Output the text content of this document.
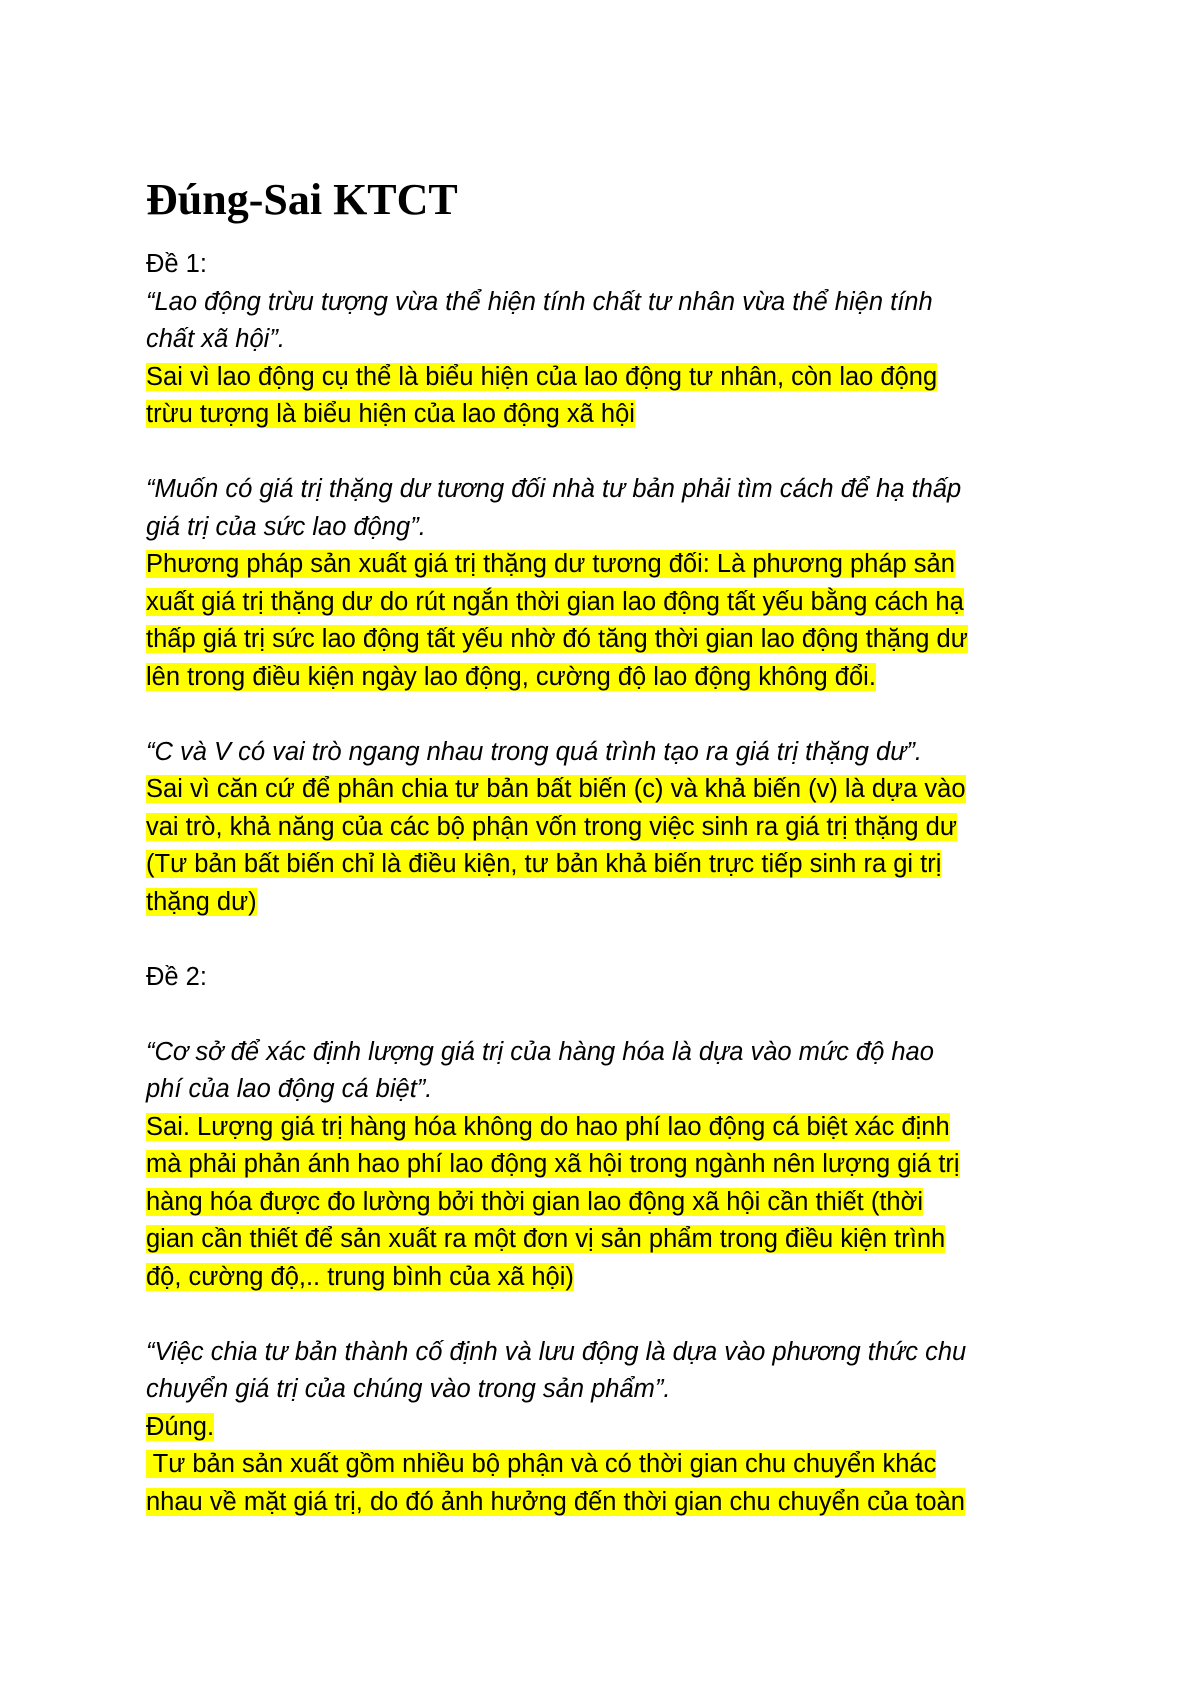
Đúng-Sai KTCT
Đề 1:
“Lao động trừu tượng vừa thể hiện tính chất tư nhân vừa thể hiện tính
chất xã hội”.
Sai vì lao động cụ thể là biểu hiện của lao động tư nhân, còn lao động
trừu tượng là biểu hiện của lao động xã hội
“Muốn có giá trị thặng dư tương đối nhà tư bản phải tìm cách để hạ thấp
giá trị của sức lao động”.
Phương pháp sản xuất giá trị thặng dư tương đối: Là phương pháp sản
xuất giá trị thặng dư do rút ngắn thời gian lao động tất yếu bằng cách hạ
thấp giá trị sức lao động tất yếu nhờ đó tăng thời gian lao động thặng dư
lên trong điều kiện ngày lao động, cường độ lao động không đổi.
“C và V có vai trò ngang nhau trong quá trình tạo ra giá trị thặng dư”.
Sai vì căn cứ để phân chia tư bản bất biến (c) và khả biến (v) là dựa vào
vai trò, khả năng của các bộ phận vốn trong việc sinh ra giá trị thặng dư
(Tư bản bất biến chỉ là điều kiện, tư bản khả biến trực tiếp sinh ra gi trị
thặng dư)
Đề 2:
“Cơ sở để xác định lượng giá trị của hàng hóa là dựa vào mức độ hao
phí của lao động cá biệt”.
Sai. Lượng giá trị hàng hóa không do hao phí lao động cá biệt xác định
mà phải phản ánh hao phí lao động xã hội trong ngành nên lượng giá trị
hàng hóa được đo lường bởi thời gian lao động xã hội cần thiết (thời
gian cần thiết để sản xuất ra một đơn vị sản phẩm trong điều kiện trình
độ, cường độ,.. trung bình của xã hội)
“Việc chia tư bản thành cố định và lưu động là dựa vào phương thức chu
chuyển giá trị của chúng vào trong sản phẩm”.
Đúng.
Tư bản sản xuất gồm nhiều bộ phận và có thời gian chu chuyển khác
nhau về mặt giá trị, do đó ảnh hưởng đến thời gian chu chuyển của toàn
